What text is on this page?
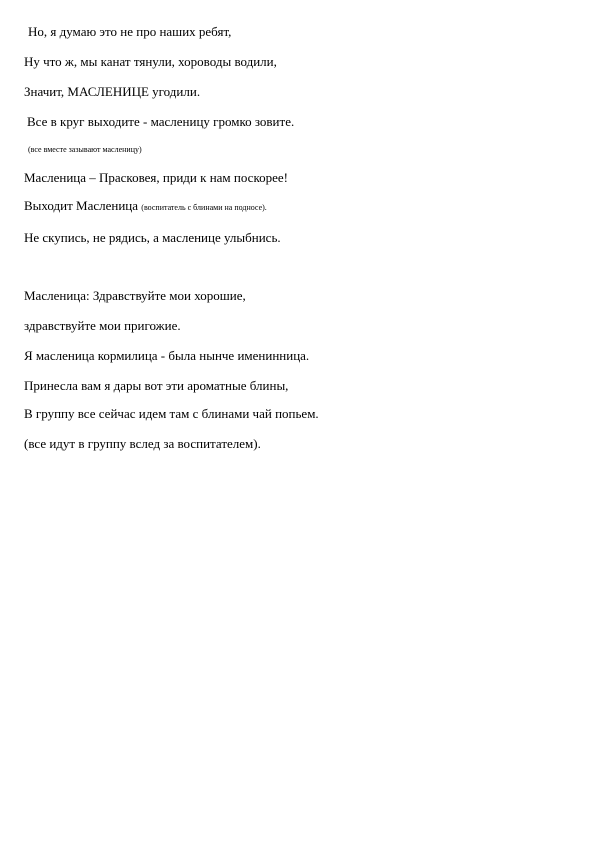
Но, я думаю это не про наших ребят,
Ну что ж, мы канат тянули, хороводы водили,
Значит, МАСЛЕНИЦЕ угодили.
Все в круг выходите - масленицу громко зовите.
(все вместе зазывают масленицу)
Масленица – Прасковея, приди к нам поскорее!
Выходит Масленица (воспитатель с блинами на подносе).
Не скупись, не рядись, а масленице улыбнись.
Масленица: Здравствуйте мои хорошие,
здравствуйте мои пригожие.
Я масленица кормилица - была нынче именинница.
Принесла вам я дары вот эти ароматные блины,
В группу все сейчас идем там с блинами чай попьем.
(все идут в группу вслед за воспитателем).
